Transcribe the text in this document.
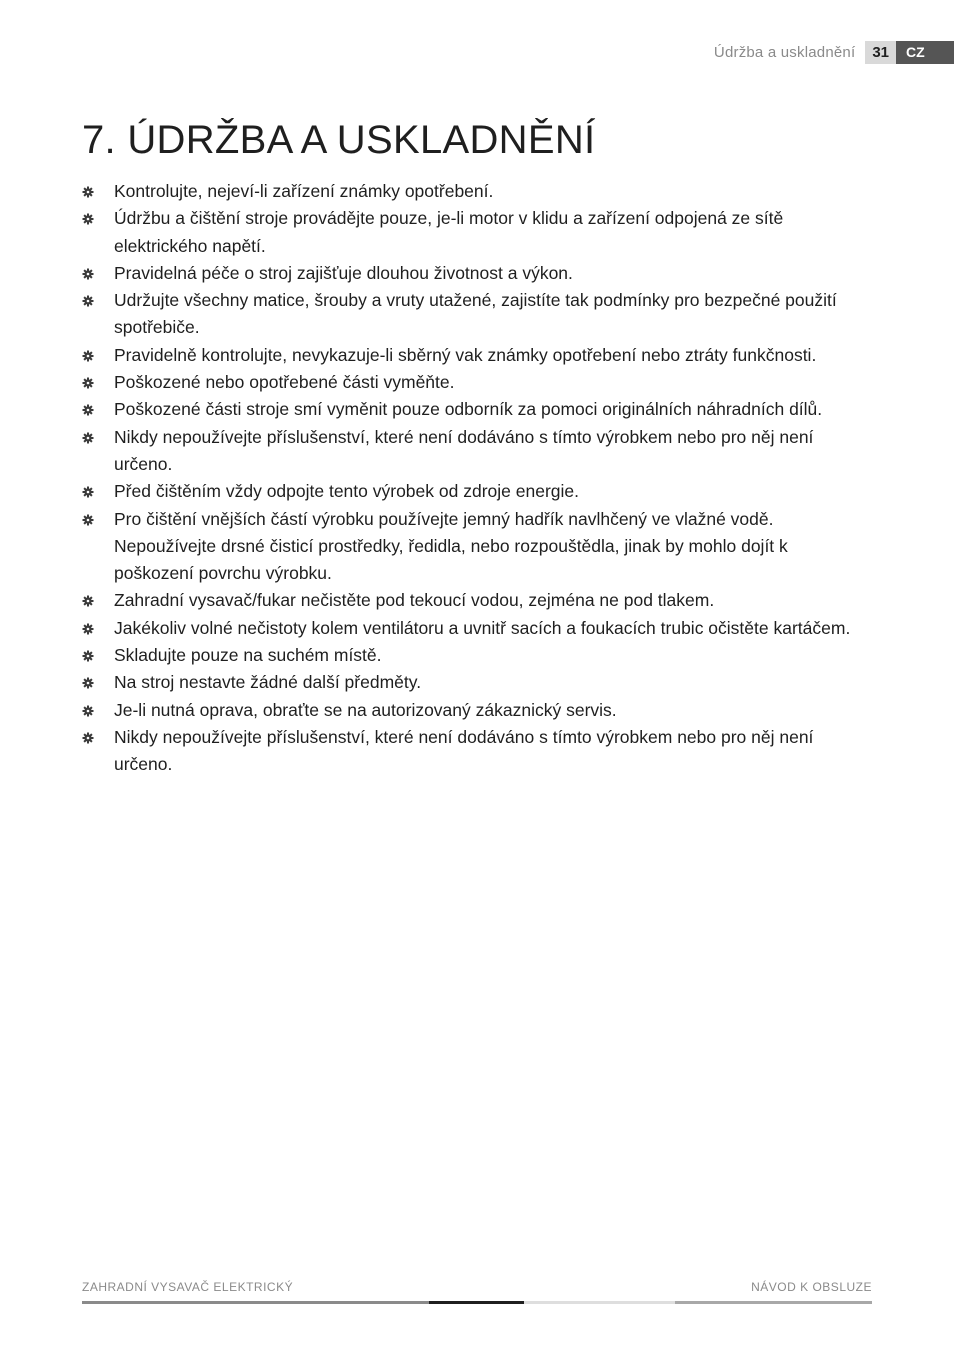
Údržba a uskladnění	31	CZ
7. ÚDRŽBA A USKLADNĚNÍ
Kontrolujte, nejeví-li zařízení známky opotřebení.
Údržbu a čištění stroje provádějte pouze, je-li motor v klidu a zařízení odpojená ze sítě elektrického napětí.
Pravidelná péče o stroj zajišťuje dlouhou životnost a výkon.
Udržujte všechny matice, šrouby a vruty utažené, zajistíte tak podmínky pro bezpečné použití spotřebiče.
Pravidelně kontrolujte, nevykazuje-li sběrný vak známky opotřebení nebo ztráty funkčnosti.
Poškozené nebo opotřebené části vyměňte.
Poškozené části stroje smí vyměnit pouze odborník za pomoci originálních náhradních dílů.
Nikdy nepoužívejte příslušenství, které není dodáváno s tímto výrobkem nebo pro něj není určeno.
Před čištěním vždy odpojte tento výrobek od zdroje energie.
Pro čištění vnějších částí výrobku používejte jemný hadřík navlhčený ve vlažné vodě. Nepoužívejte drsné čisticí prostředky, ředidla, nebo rozpouštědla, jinak by mohlo dojít k poškození povrchu výrobku.
Zahradní vysavač/fukar nečistěte pod tekoucí vodou, zejména ne pod tlakem.
Jakékoliv volné nečistoty kolem ventilátoru a uvnitř sacích a foukacích trubic očistěte kartáčem.
Skladujte pouze na suchém místě.
Na stroj nestavte žádné další předměty.
Je-li nutná oprava, obraťte se na autorizovaný zákaznický servis.
Nikdy nepoužívejte příslušenství, které není dodáváno s tímto výrobkem nebo pro něj není určeno.
ZAHRADNÍ VYSAVAČ ELEKTRICKÝ	NÁVOD K OBSLUZE
